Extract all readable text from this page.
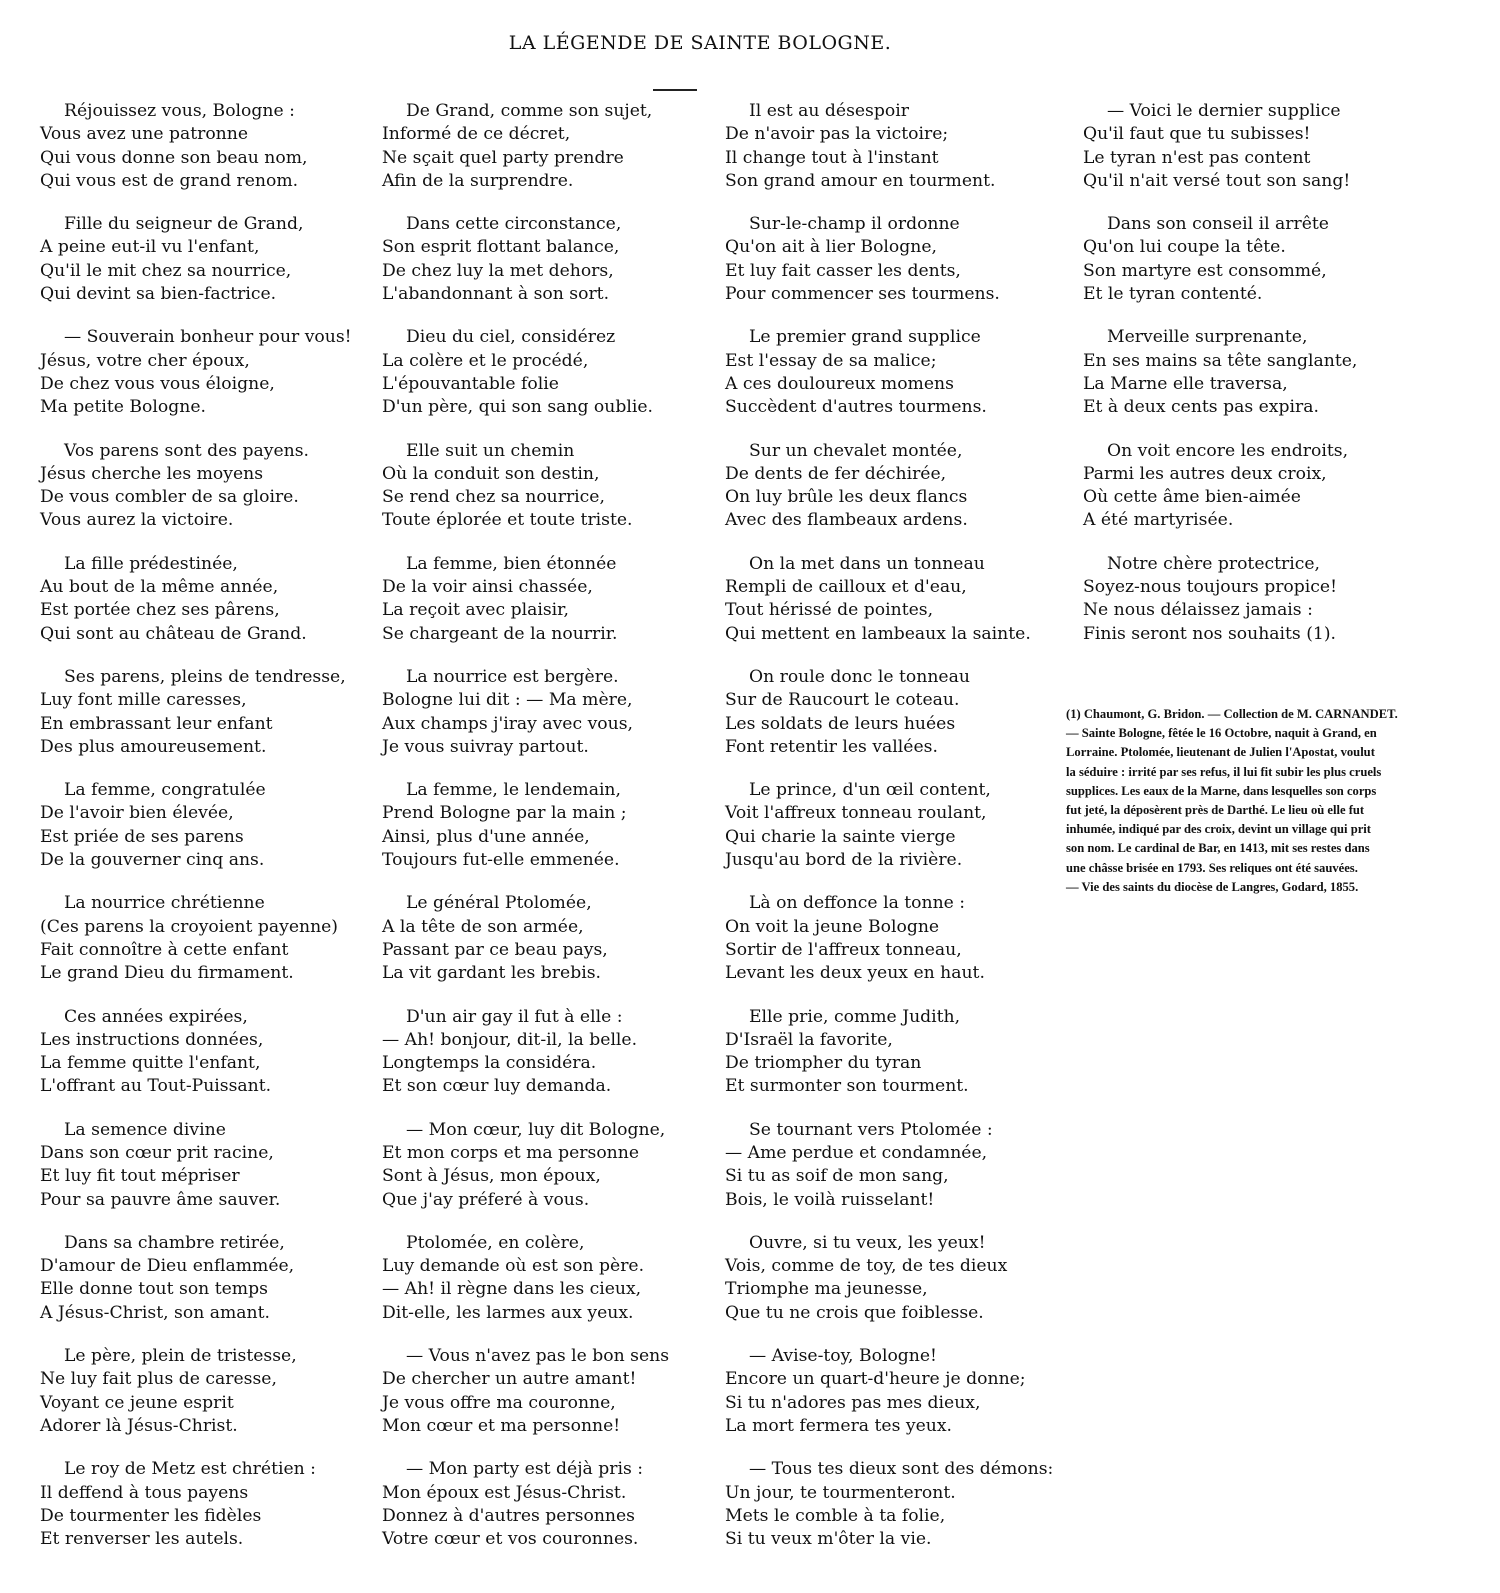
LA LÉGENDE DE SAINTE BOLOGNE.
Réjouissez vous, Bologne :
Vous avez une patronne
Qui vous donne son beau nom,
Qui vous est de grand renom.
Fille du seigneur de Grand,
A peine eut-il vu l'enfant,
Qu'il le mit chez sa nourrice,
Qui devint sa bien-factrice.
— Souverain bonheur pour vous!
Jésus, votre cher époux,
De chez vous vous éloigne,
Ma petite Bologne.
Vos parens sont des payens.
Jésus cherche les moyens
De vous combler de sa gloire.
Vous aurez la victoire.
La fille prédestinée,
Au bout de la même année,
Est portée chez ses pârens,
Qui sont au château de Grand.
Ses parens, pleins de tendresse,
Luy font mille caresses,
En embrassant leur enfant
Des plus amoureusement.
La femme, congratulée
De l'avoir bien élevée,
Est priée de ses parens
De la gouverner cinq ans.
La nourrice chrétienne
(Ces parens la croyoient payenne)
Fait connoître à cette enfant
Le grand Dieu du firmament.
Ces années expirées,
Les instructions données,
La femme quitte l'enfant,
L'offrant au Tout-Puissant.
La semence divine
Dans son cœur prit racine,
Et luy fit tout mépriser
Pour sa pauvre âme sauver.
Dans sa chambre retirée,
D'amour de Dieu enflammée,
Elle donne tout son temps
A Jésus-Christ, son amant.
Le père, plein de tristesse,
Ne luy fait plus de caresse,
Voyant ce jeune esprit
Adorer là Jésus-Christ.
Le roy de Metz est chrétien :
Il deffend à tous payens
De tourmenter les fidèles
Et renverser les autels.
De Grand, comme son sujet,
Informé de ce décret,
Ne sçait quel party prendre
Afin de la surprendre.
Dans cette circonstance,
Son esprit flottant balance,
De chez luy la met dehors,
L'abandonnant à son sort.
Dieu du ciel, considérez
La colère et le procédé,
L'épouvantable folie
D'un père, qui son sang oublie.
Elle suit un chemin
Où la conduit son destin,
Se rend chez sa nourrice,
Toute éplorée et toute triste.
La femme, bien étonnée
De la voir ainsi chassée,
La reçoit avec plaisir,
Se chargeant de la nourrir.
La nourrice est bergère.
Bologne lui dit : — Ma mère,
Aux champs j'iray avec vous,
Je vous suivray partout.
La femme, le lendemain,
Prend Bologne par la main ;
Ainsi, plus d'une année,
Toujours fut-elle emmenée.
Le général Ptolomée,
A la tête de son armée,
Passant par ce beau pays,
La vit gardant les brebis.
D'un air gay il fut à elle :
— Ah! bonjour, dit-il, la belle.
Longtemps la considéra.
Et son cœur luy demanda.
— Mon cœur, luy dit Bologne,
Et mon corps et ma personne
Sont à Jésus, mon époux,
Que j'ay préferé à vous.
Ptolomée, en colère,
Luy demande où est son père.
— Ah! il règne dans les cieux,
Dit-elle, les larmes aux yeux.
— Vous n'avez pas le bon sens
De chercher un autre amant!
Je vous offre ma couronne,
Mon cœur et ma personne!
— Mon party est déjà pris :
Mon époux est Jésus-Christ.
Donnez à d'autres personnes
Votre cœur et vos couronnes.
Il est au désespoir
De n'avoir pas la victoire;
Il change tout à l'instant
Son grand amour en tourment.
Sur-le-champ il ordonne
Qu'on ait à lier Bologne,
Et luy fait casser les dents,
Pour commencer ses tourmens.
Le premier grand supplice
Est l'essay de sa malice;
A ces douloureux momens
Succèdent d'autres tourmens.
Sur un chevalet montée,
De dents de fer déchirée,
On luy brûle les deux flancs
Avec des flambeaux ardens.
On la met dans un tonneau
Rempli de cailloux et d'eau,
Tout hérissé de pointes,
Qui mettent en lambeaux la sainte.
On roule donc le tonneau
Sur de Raucourt le coteau.
Les soldats de leurs huées
Font retentir les vallées.
Le prince, d'un œil content,
Voit l'affreux tonneau roulant,
Qui charie la sainte vierge
Jusqu'au bord de la rivière.
Là on deffonce la tonne :
On voit la jeune Bologne
Sortir de l'affreux tonneau,
Levant les deux yeux en haut.
Elle prie, comme Judith,
D'Israël la favorite,
De triompher du tyran
Et surmonter son tourment.
Se tournant vers Ptolomée :
— Ame perdue et condamnée,
Si tu as soif de mon sang,
Bois, le voilà ruisselant!
Ouvre, si tu veux, les yeux!
Vois, comme de toy, de tes dieux
Triomphe ma jeunesse,
Que tu ne crois que foiblesse.
— Avise-toy, Bologne!
Encore un quart-d'heure je donne;
Si tu n'adores pas mes dieux,
La mort fermera tes yeux.
— Tous tes dieux sont des démons:
Un jour, te tourmenteront.
Mets le comble à ta folie,
Si tu veux m'ôter la vie.
— Voici le dernier supplice
Qu'il faut que tu subisses!
Le tyran n'est pas content
Qu'il n'ait versé tout son sang!
Dans son conseil il arrête
Qu'on lui coupe la tête.
Son martyre est consommé,
Et le tyran contenté.
Merveille surprenante,
En ses mains sa tête sanglante,
La Marne elle traversa,
Et à deux cents pas expira.
On voit encore les endroits,
Parmi les autres deux croix,
Où cette âme bien-aimée
A été martyrisée.
Notre chère protectrice,
Soyez-nous toujours propice!
Ne nous délaissez jamais :
Finis seront nos souhaits (1).
(1) Chaumont, G. Bridon. — Collection de M. CARNANDET.
— Sainte Bologne, fêtée le 16 Octobre, naquit à Grand, en
Lorraine. Ptolomée, lieutenant de Julien l'Apostat, voulut
la séduire : irrité par ses refus, il lui fit subir les plus cruels
supplices. Les eaux de la Marne, dans lesquelles son corps
fut jeté, la déposèrent près de Darthé. Le lieu où elle fut
inhumée, indiqué par des croix, devint un village qui prit
son nom. Le cardinal de Bar, en 1413, mit ses restes dans
une châsse brisée en 1793. Ses reliques ont été sauvées.
— Vie des saints du diocèse de Langres, Godard, 1855.
